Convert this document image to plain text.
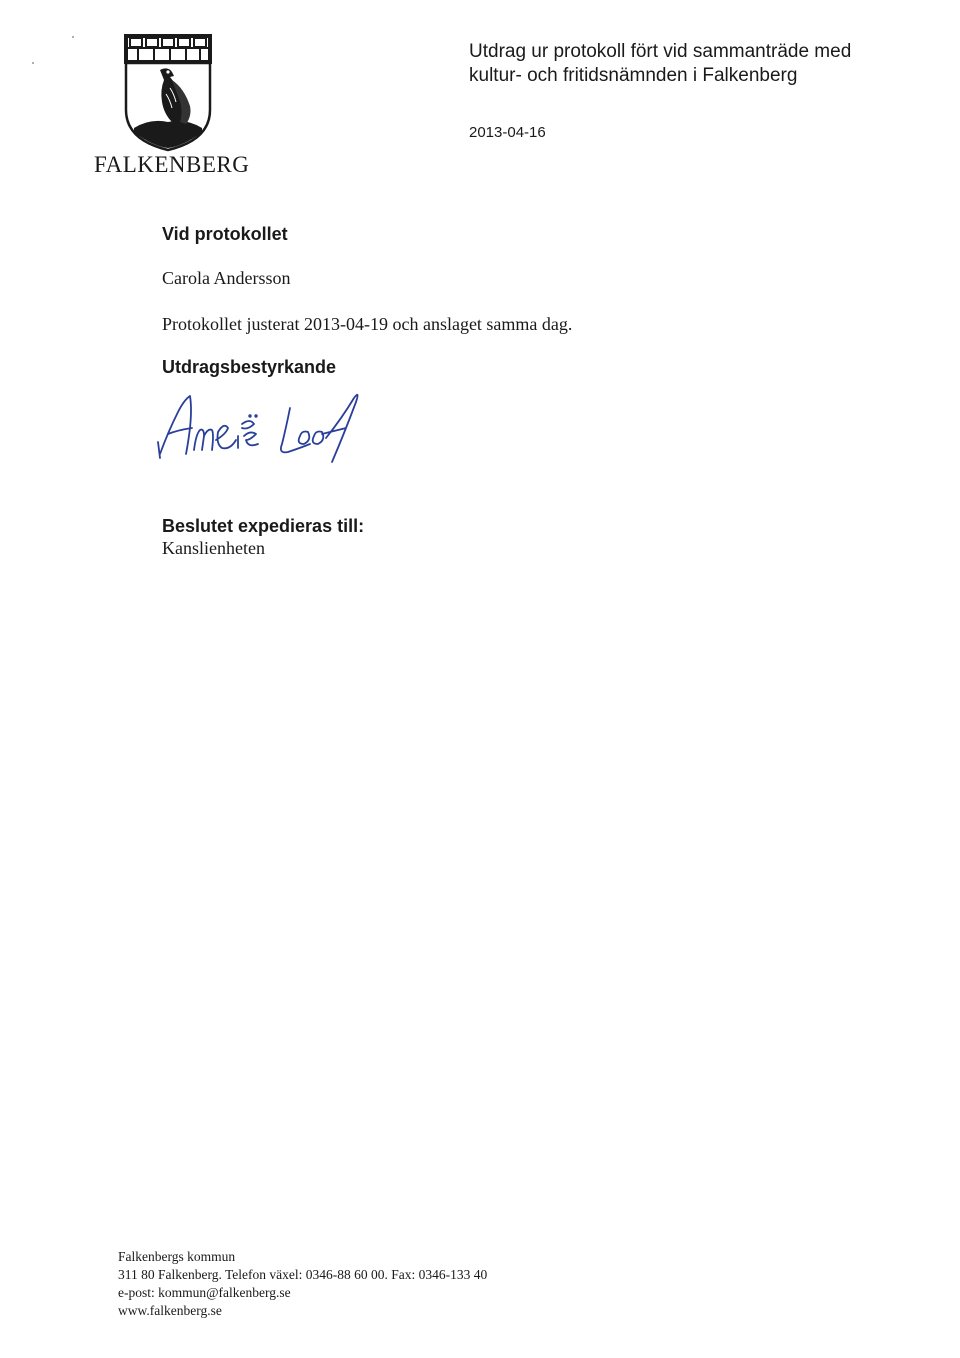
FALKENBERG
Utdrag ur protokoll fört vid sammanträde med
kultur- och fritidsnämnden i Falkenberg
2013-04-16
Vid protokollet
Carola Andersson
Protokollet justerat 2013-04-19 och anslaget samma dag.
Utdragsbestyrkande
Beslutet expedieras till:
Kanslienheten
Falkenbergs kommun
311 80 Falkenberg. Telefon växel: 0346-88 60 00. Fax: 0346-133 40
e-post: kommun@falkenberg.se
www.falkenberg.se
